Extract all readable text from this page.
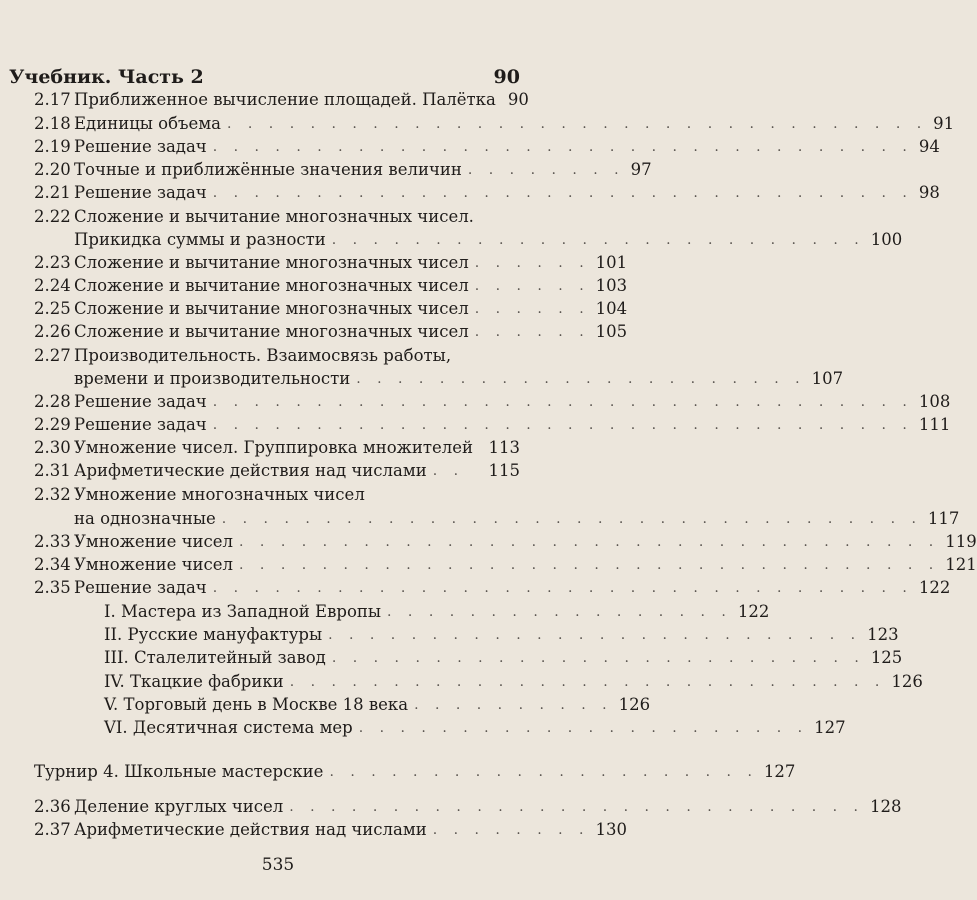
Учебник. Часть 2	90
2.17 Приближенное вычисление площадей. Палётка 90
2.18 Единицы объема . . . . . . . . . . . . . . . . . . . . . . . . . . . . . . . . . . 91
2.19 Решение задач . . . . . . . . . . . . . . . . . . . . . . . . . . . . . . . . . . 94
2.20 Точные и приближённые значения величин . . . . . . . . 97
2.21 Решение задач . . . . . . . . . . . . . . . . . . . . . . . . . . . . . . . . . . 98
2.22 Сложение и вычитание многозначных чисел.
Прикидка суммы и разности . . . . . . . . . . . . . . . . . . . . . . . . . . 100
2.23 Сложение и вычитание многозначных чисел . . . . . . 101
2.24 Сложение и вычитание многозначных чисел . . . . . . 103
2.25 Сложение и вычитание многозначных чисел . . . . . . 104
2.26 Сложение и вычитание многозначных чисел . . . . . . 105
2.27 Производительность. Взаимосвязь работы,
времени и производительности . . . . . . . . . . . . . . . . . . . . . . 107
2.28 Решение задач . . . . . . . . . . . . . . . . . . . . . . . . . . . . . . . . . . 108
2.29 Решение задач . . . . . . . . . . . . . . . . . . . . . . . . . . . . . . . . . . 111
2.30 Умножение чисел. Группировка множителей 113
2.31 Арифметические действия над числами . .	115
2.32 Умножение многозначных чисел
на однозначные . . . . . . . . . . . . . . . . . . . . . . . . . . . . . . . . . . 117
2.33 Умножение чисел . . . . . . . . . . . . . . . . . . . . . . . . . . . . . . . . . . 119
2.34 Умножение чисел . . . . . . . . . . . . . . . . . . . . . . . . . . . . . . . . . . 121
2.35 Решение задач . . . . . . . . . . . . . . . . . . . . . . . . . . . . . . . . . . 122
I. Мастера из Западной Европы . . . . . . . . . . . . . . . . . 122
II. Русские мануфактуры . . . . . . . . . . . . . . . . . . . . . . . . . . 123
III. Сталелитейный завод . . . . . . . . . . . . . . . . . . . . . . . . . . 125
IV. Ткацкие фабрики . . . . . . . . . . . . . . . . . . . . . . . . . . . . . 126
V. Торговый день в Москве 18 века . . . . . . . . . . 126
VI. Десятичная система мер . . . . . . . . . . . . . . . . . . . . . . 127
Турнир 4. Школьные мастерские . . . . . . . . . . . . . . . . . . . . . 127
2.36 Деление круглых чисел . . . . . . . . . . . . . . . . . . . . . . . . . . . . 128
2.37 Арифметические действия над числами . . . . . . . . 130
535
